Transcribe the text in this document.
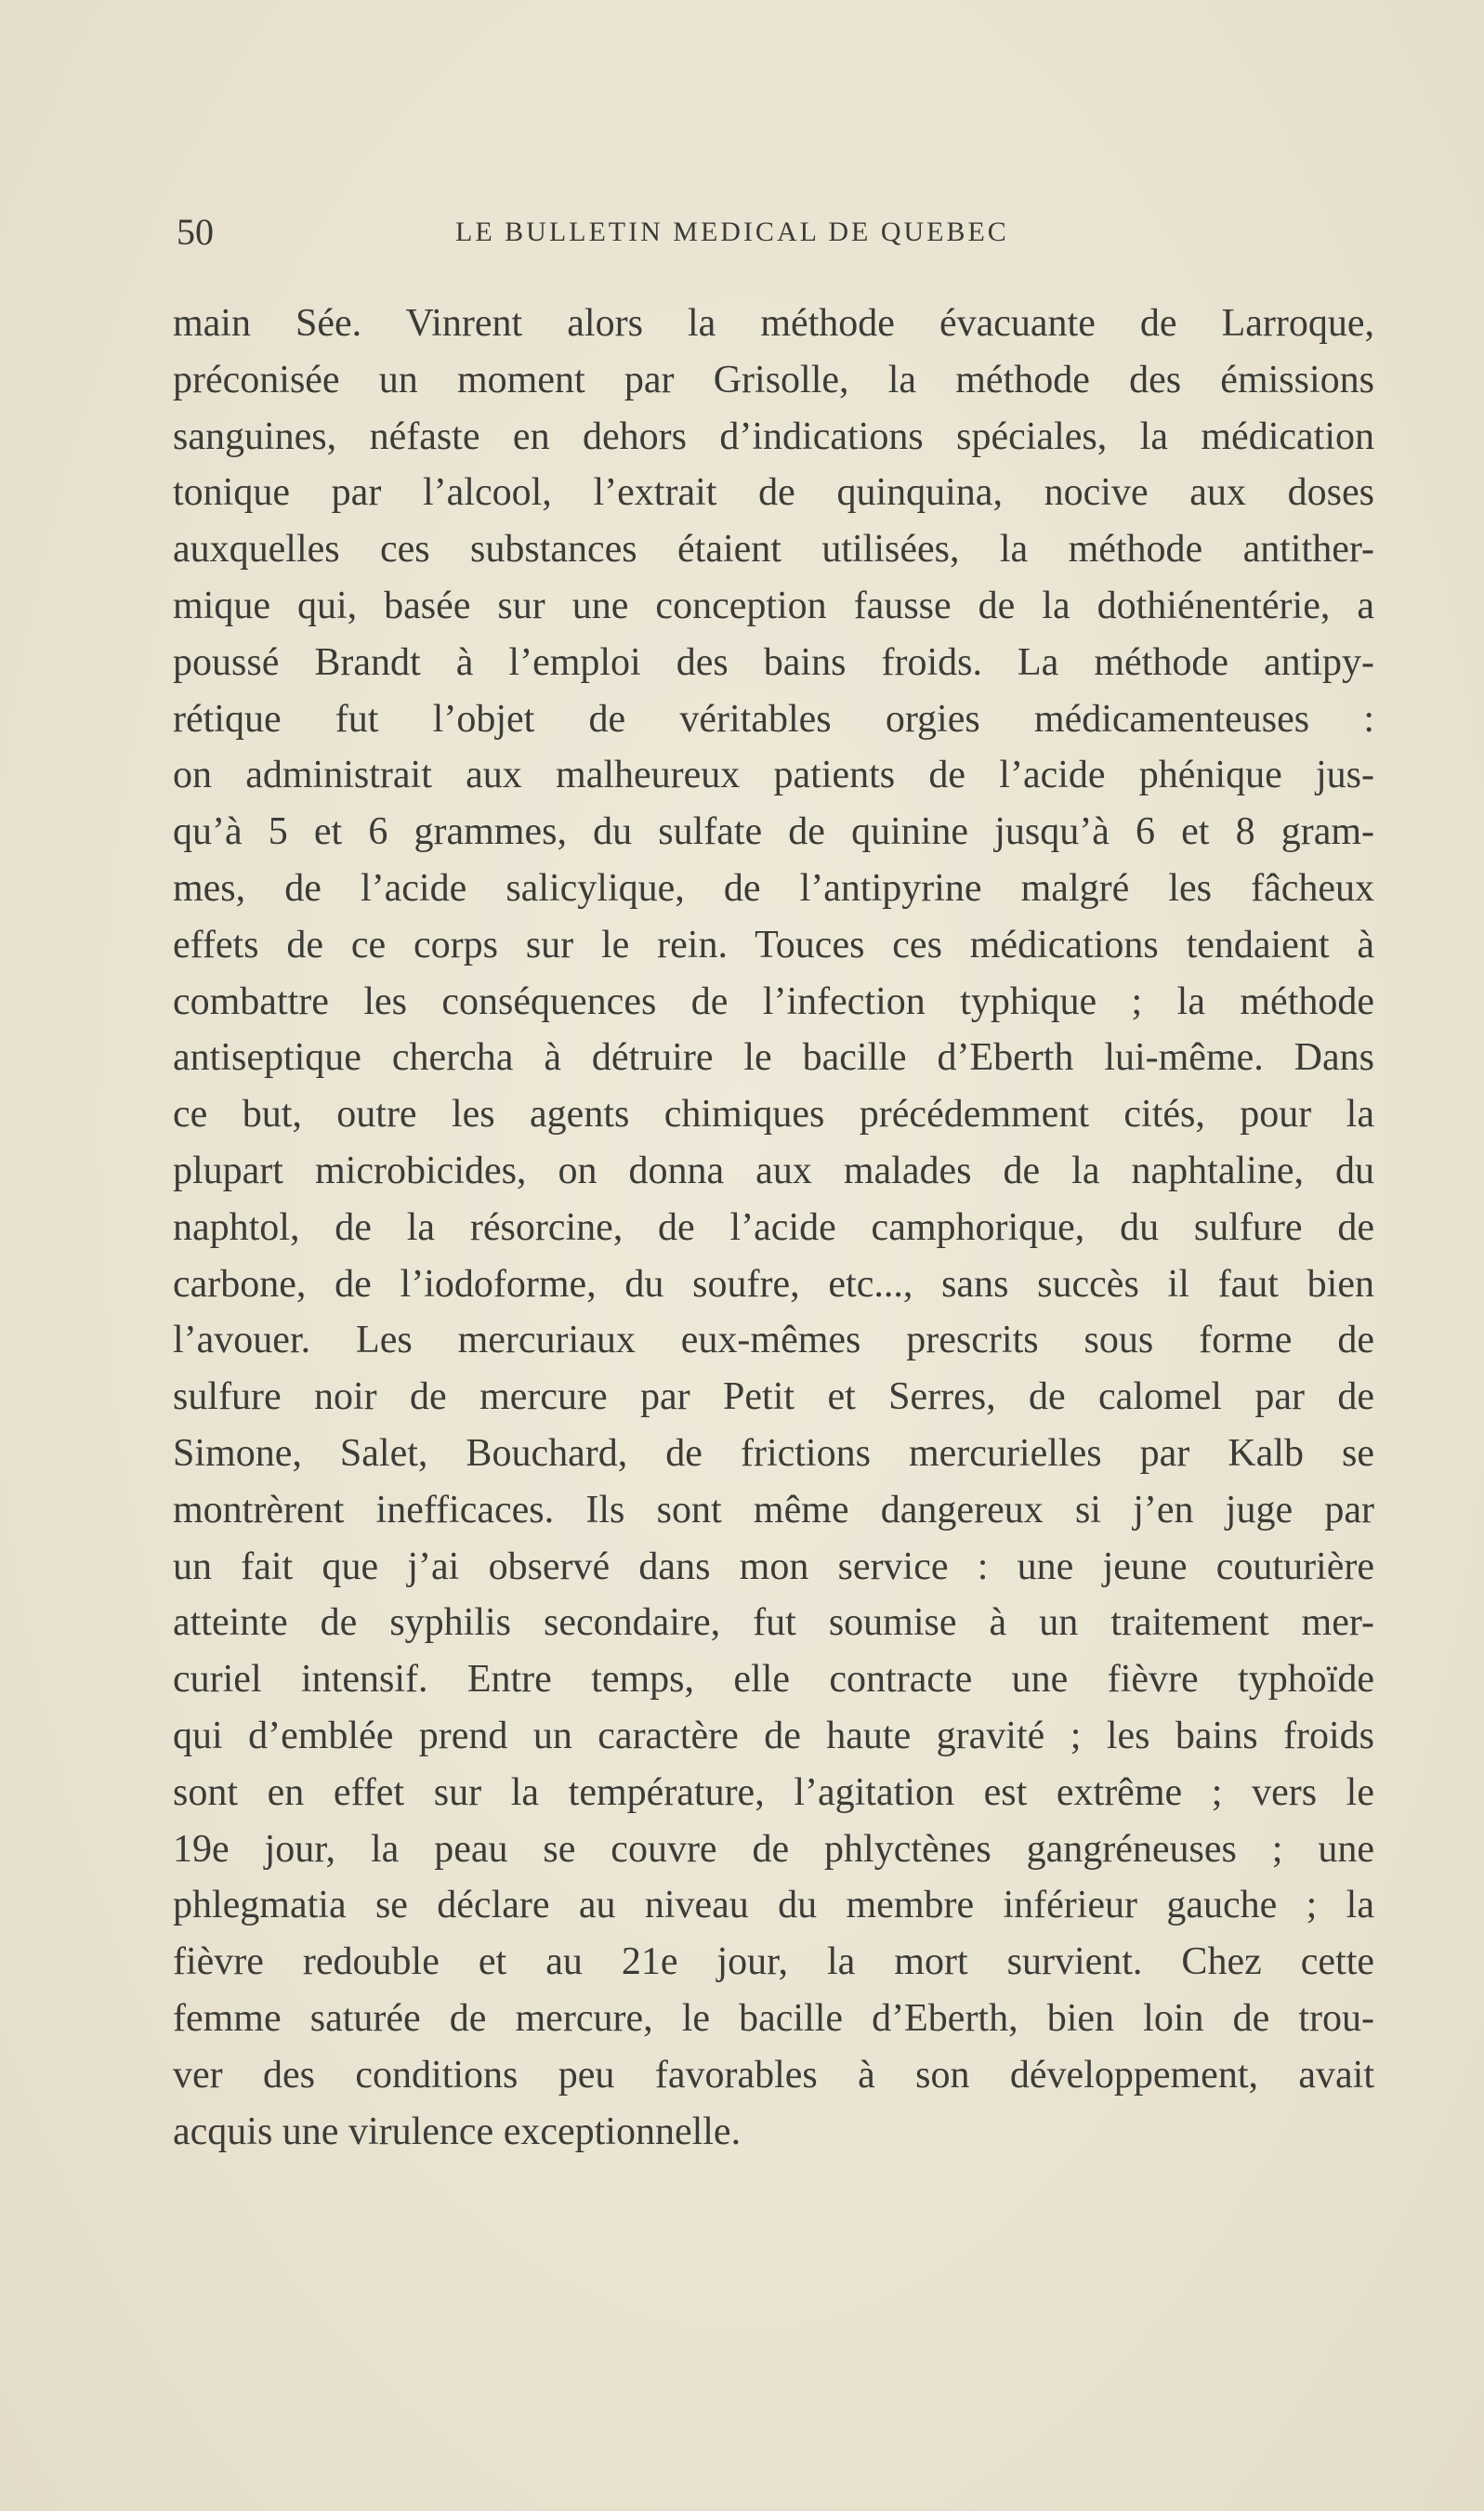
50	LE BULLETIN MEDICAL DE QUEBEC
main Sée. Vinrent alors la méthode évacuante de Larroque,
préconisée un moment par Grisolle, la méthode des émissions
sanguines, néfaste en dehors d’indications spéciales, la médication
tonique par l’alcool, l’extrait de quinquina, nocive aux doses
auxquelles ces substances étaient utilisées, la méthode antither-
mique qui, basée sur une conception fausse de la dothiénentérie, a
poussé Brandt à l’emploi des bains froids. La méthode antipy-
rétique fut l’objet de véritables orgies médicamenteuses :
on administrait aux malheureux patients de l’acide phénique jus-
qu’à 5 et 6 grammes, du sulfate de quinine jusqu’à 6 et 8 gram-
mes, de l’acide salicylique, de l’antipyrine malgré les fâcheux
effets de ce corps sur le rein. Touces ces médications tendaient à
combattre les conséquences de l’infection typhique ; la méthode
antiseptique chercha à détruire le bacille d’Eberth lui-même. Dans
ce but, outre les agents chimiques précédemment cités, pour la
plupart microbicides, on donna aux malades de la naphtaline, du
naphtol, de la résorcine, de l’acide camphorique, du sulfure de
carbone, de l’iodoforme, du soufre, etc..., sans succès il faut bien
l’avouer. Les mercuriaux eux-mêmes prescrits sous forme de
sulfure noir de mercure par Petit et Serres, de calomel par de
Simone, Salet, Bouchard, de frictions mercurielles par Kalb se
montrèrent inefficaces. Ils sont même dangereux si j’en juge par
un fait que j’ai observé dans mon service : une jeune couturière
atteinte de syphilis secondaire, fut soumise à un traitement mer-
curiel intensif. Entre temps, elle contracte une fièvre typhoïde
qui d’emblée prend un caractère de haute gravité ; les bains froids
sont en effet sur la température, l’agitation est extrême ; vers le
19e jour, la peau se couvre de phlyctènes gangréneuses ; une
phlegmatia se déclare au niveau du membre inférieur gauche ; la
fièvre redouble et au 21e jour, la mort survient. Chez cette
femme saturée de mercure, le bacille d’Eberth, bien loin de trou-
ver des conditions peu favorables à son développement, avait
acquis une virulence exceptionnelle.
